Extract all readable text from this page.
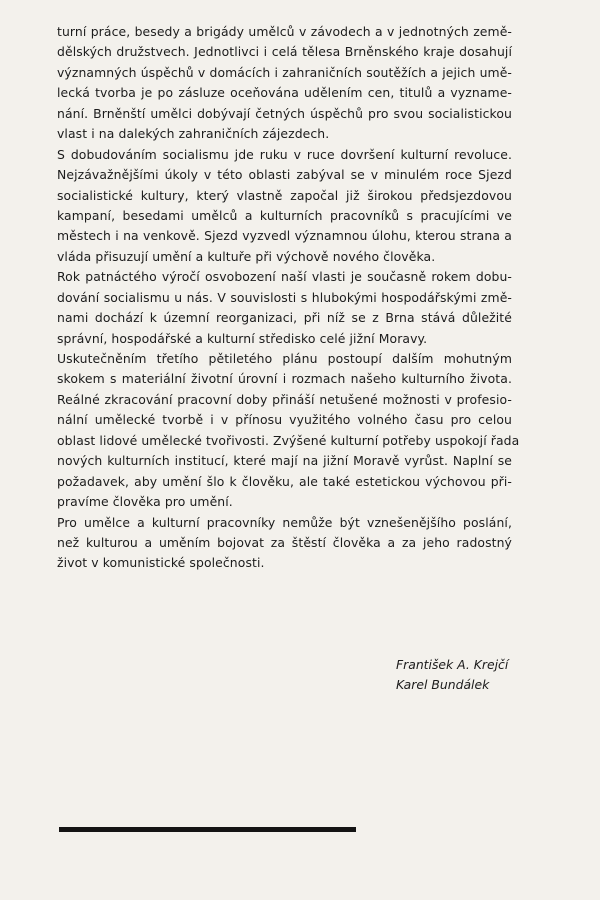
turní práce, besedy a brigády umělců v závodech a v jednotných země-
dělských družstvech. Jednotlivci i celá tělesa Brněnského kraje dosahují
významných úspěchů v domácích i zahraničních soutěžích a jejich umě-
lecká tvorba je po zásluze oceňována udělením cen, titulů a vyzname-
nání. Brněnští umělci dobývají četných úspěchů pro svou socialistickou
vlast i na dalekých zahraničních zájezdech.
S dobudováním socialismu jde ruku v ruce dovršení kulturní revoluce.
Nejzávažnějšími úkoly v této oblasti zabýval se v minulém roce Sjezd
socialistické kultury, který vlastně započal již širokou předsjezdovou
kampaní, besedami umělců a kulturních pracovníků s pracujícími ve
městech i na venkově. Sjezd vyzvedl významnou úlohu, kterou strana a
vláda přisuzují umění a kultuře při výchově nového člověka.
Rok patnáctého výročí osvobození naší vlasti je současně rokem dobu-
dování socialismu u nás. V souvislosti s hlubokými hospodářskými změ-
nami dochází k územní reorganizaci, při níž se z Brna stává důležité
správní, hospodářské a kulturní středisko celé jižní Moravy.
Uskutečněním třetího pětiletého plánu postoupí dalším mohutným
skokem s materiální životní úrovní i rozmach našeho kulturního života.
Reálné zkracování pracovní doby přináší netušené možnosti v profesio-
nální umělecké tvorbě i v přínosu využitého volného času pro celou
oblast lidové umělecké tvořivosti. Zvýšené kulturní potřeby uspokojí řada
nových kulturních institucí, které mají na jižní Moravě vyrůst. Naplní se
požadavek, aby umění šlo k člověku, ale také estetickou výchovou při-
pravíme člověka pro umění.
Pro umělce a kulturní pracovníky nemůže být vznešenějšího poslání,
než kulturou a uměním bojovat za štěstí člověka a za jeho radostný
život v komunistické společnosti.
František A. Krejčí
Karel Bundálek
